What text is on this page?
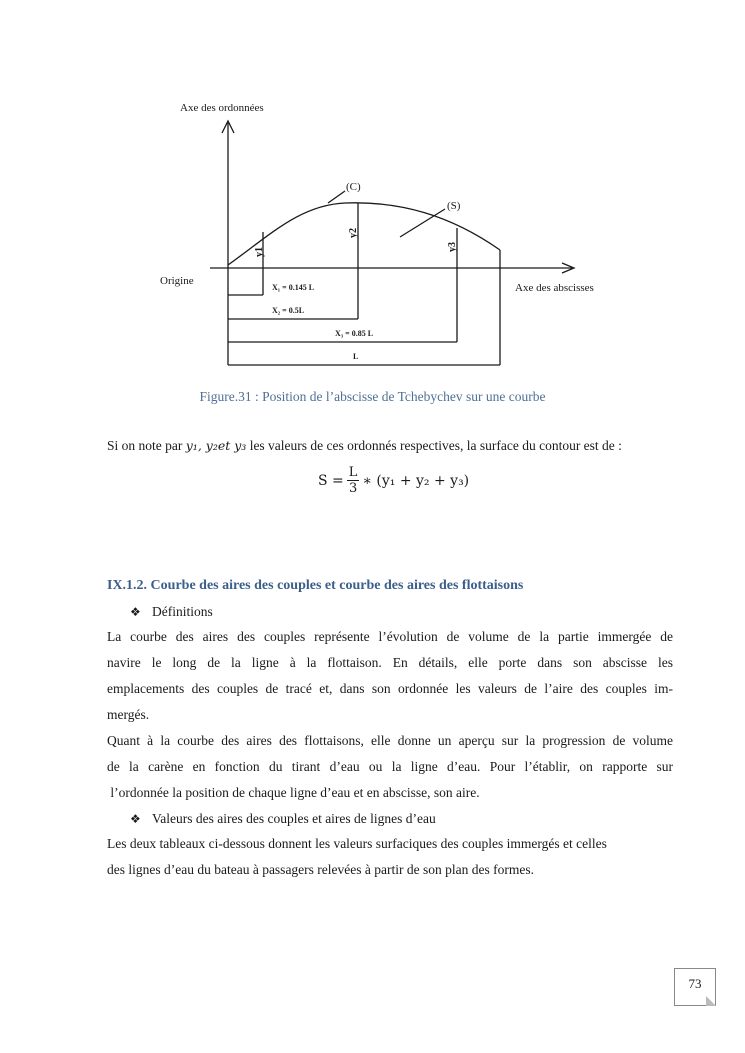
Axe des ordonnées
Axe des abscisses
Origine
(C)
(S)
y1
y2
y3
X₁ = 0.145 L
X₂ = 0.5L
X₃ = 0.85 L
L
Figure.31 : Position de l’abscisse de Tchebychev sur une courbe
Si on note par y₁, y₂et y₃ les valeurs de ces ordonnés respectives, la surface du contour est de :
$S = \frac{L}{3}$ ∗ (y₁ + y₂ + y₃)
IX.1.2. Courbe des aires des couples et courbe des aires des flottaisons
❖ Définitions
La courbe des aires des couples représente l’évolution de volume de la partie immergée de
navire le long de la ligne à la flottaison. En détails, elle porte dans son abscisse les
emplacements des couples de tracé et, dans son ordonnée les valeurs de l’aire des couples im-
mergés.
Quant à la courbe des aires des flottaisons, elle donne un aperçu sur la progression de volume
de la carène en fonction du tirant d’eau ou la ligne d’eau. Pour l’établir, on rapporte sur
l’ordonnée la position de chaque ligne d’eau et en abscisse, son aire.
❖ Valeurs des aires des couples et aires de lignes d’eau
Les deux tableaux ci-dessous donnent les valeurs surfaciques des couples immergés et celles
des lignes d’eau du bateau à passagers relevées à partir de son plan des formes.
73
